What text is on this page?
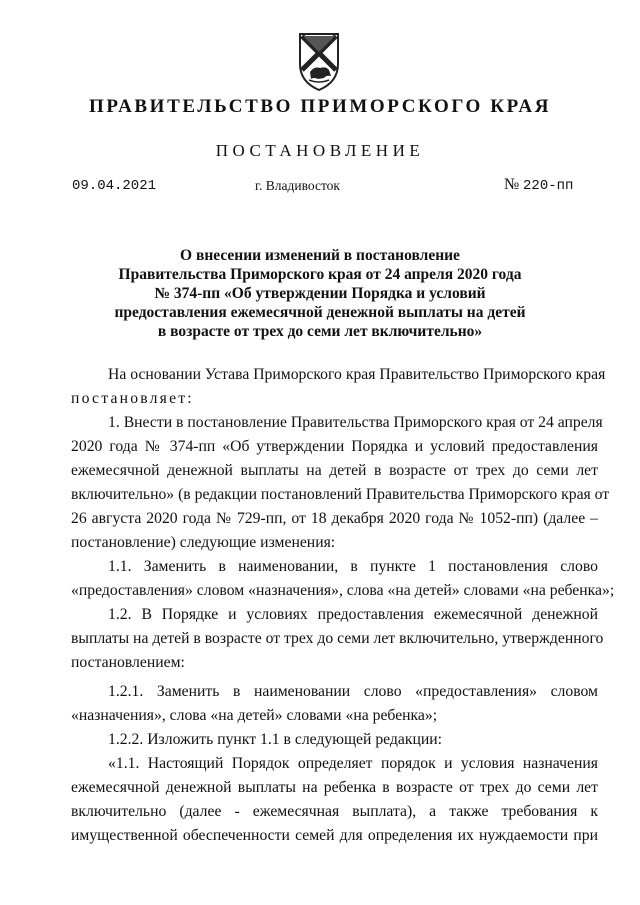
ПРАВИТЕЛЬСТВО ПРИМОРСКОГО КРАЯ
ПОСТАНОВЛЕНИЕ
09.04.2021	г. Владивосток	№ 220-пп
О внесении изменений в постановление
Правительства Приморского края от 24 апреля 2020 года
№ 374-пп «Об утверждении Порядка и условий
предоставления ежемесячной денежной выплаты на детей
в возрасте от трех до семи лет включительно»
На основании Устава Приморского края Правительство Приморского края
постановляет:
1. Внести в постановление Правительства Приморского края от 24 апреля
2020 года № 374-пп «Об утверждении Порядка и условий предоставления
ежемесячной денежной выплаты на детей в возрасте от трех до семи лет
включительно» (в редакции постановлений Правительства Приморского края от
26 августа 2020 года № 729-пп, от 18 декабря 2020 года № 1052-пп) (далее –
постановление) следующие изменения:
1.1. Заменить в наименовании, в пункте 1 постановления слово
«предоставления» словом «назначения», слова «на детей» словами «на ребенка»;
1.2. В Порядке и условиях предоставления ежемесячной денежной
выплаты на детей в возрасте от трех до семи лет включительно, утвержденного
постановлением:
1.2.1. Заменить в наименовании слово «предоставления» словом
«назначения», слова «на детей» словами «на ребенка»;
1.2.2. Изложить пункт 1.1 в следующей редакции:
«1.1. Настоящий Порядок определяет порядок и условия назначения
ежемесячной денежной выплаты на ребенка в возрасте от трех до семи лет
включительно (далее - ежемесячная выплата), а также требования к
имущественной обеспеченности семей для определения их нуждаемости при
